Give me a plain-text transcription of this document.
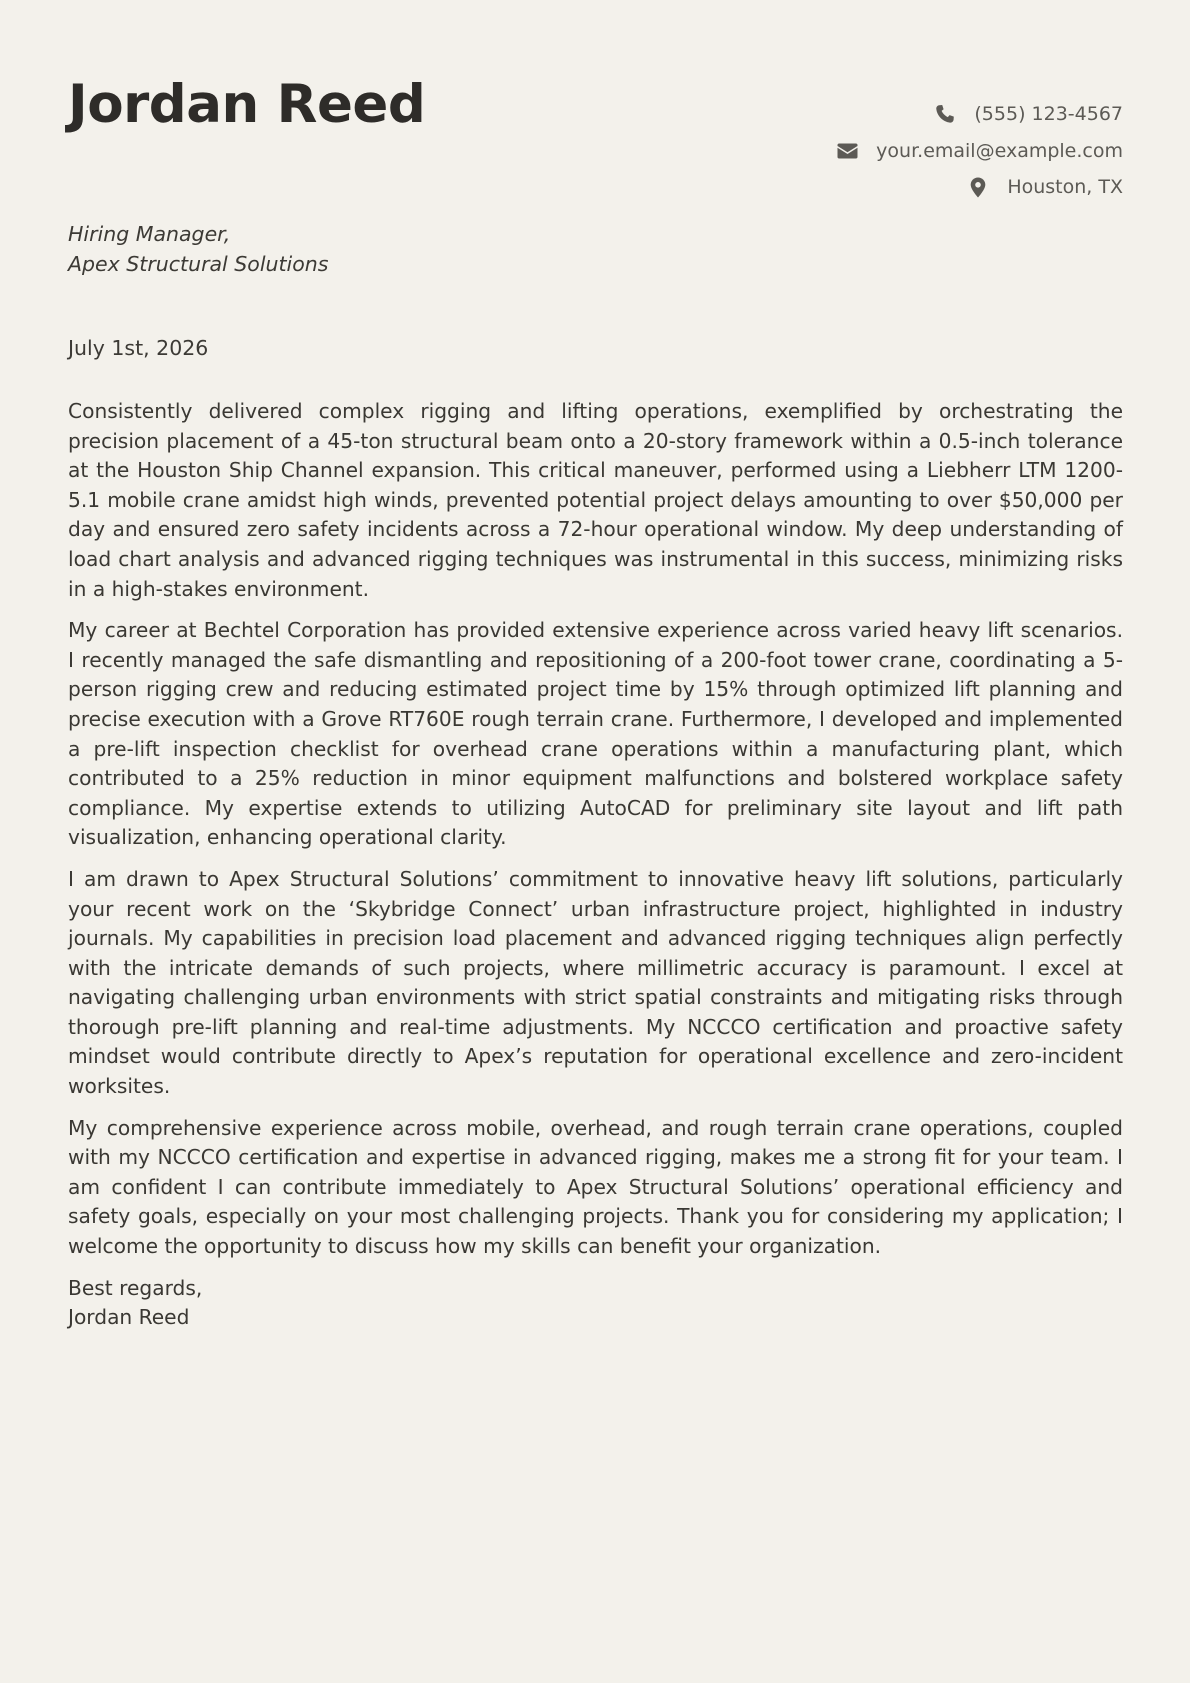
Jordan Reed	(555) 123-4567
your.email@example.com
Houston, TX
Hiring Manager,
Apex Structural Solutions
July 1st, 2026

Consistently delivered complex rigging and lifting operations, exemplified by orchestrating the precision placement of a 45-ton structural beam onto a 20-story framework within a 0.5-inch tolerance at the Houston Ship Channel expansion. This critical maneuver, performed using a Liebherr LTM 1200-5.1 mobile crane amidst high winds, prevented potential project delays amounting to over $50,000 per day and ensured zero safety incidents across a 72-hour operational window. My deep understanding of load chart analysis and advanced rigging techniques was instrumental in this success, minimizing risks in a high-stakes environment.

My career at Bechtel Corporation has provided extensive experience across varied heavy lift scenarios. I recently managed the safe dismantling and repositioning of a 200-foot tower crane, coordinating a 5-person rigging crew and reducing estimated project time by 15% through optimized lift planning and precise execution with a Grove RT760E rough terrain crane. Furthermore, I developed and implemented a pre-lift inspection checklist for overhead crane operations within a manufacturing plant, which contributed to a 25% reduction in minor equipment malfunctions and bolstered workplace safety compliance. My expertise extends to utilizing AutoCAD for preliminary site layout and lift path visualization, enhancing operational clarity.

I am drawn to Apex Structural Solutions’ commitment to innovative heavy lift solutions, particularly your recent work on the ‘Skybridge Connect’ urban infrastructure project, highlighted in industry journals. My capabilities in precision load placement and advanced rigging techniques align perfectly with the intricate demands of such projects, where millimetric accuracy is paramount. I excel at navigating challenging urban environments with strict spatial constraints and mitigating risks through thorough pre-lift planning and real-time adjustments. My NCCCO certification and proactive safety mindset would contribute directly to Apex’s reputation for operational excellence and zero-incident worksites.

My comprehensive experience across mobile, overhead, and rough terrain crane operations, coupled with my NCCCO certification and expertise in advanced rigging, makes me a strong fit for your team. I am confident I can contribute immediately to Apex Structural Solutions’ operational efficiency and safety goals, especially on your most challenging projects. Thank you for considering my application; I welcome the opportunity to discuss how my skills can benefit your organization.

Best regards,
Jordan Reed
